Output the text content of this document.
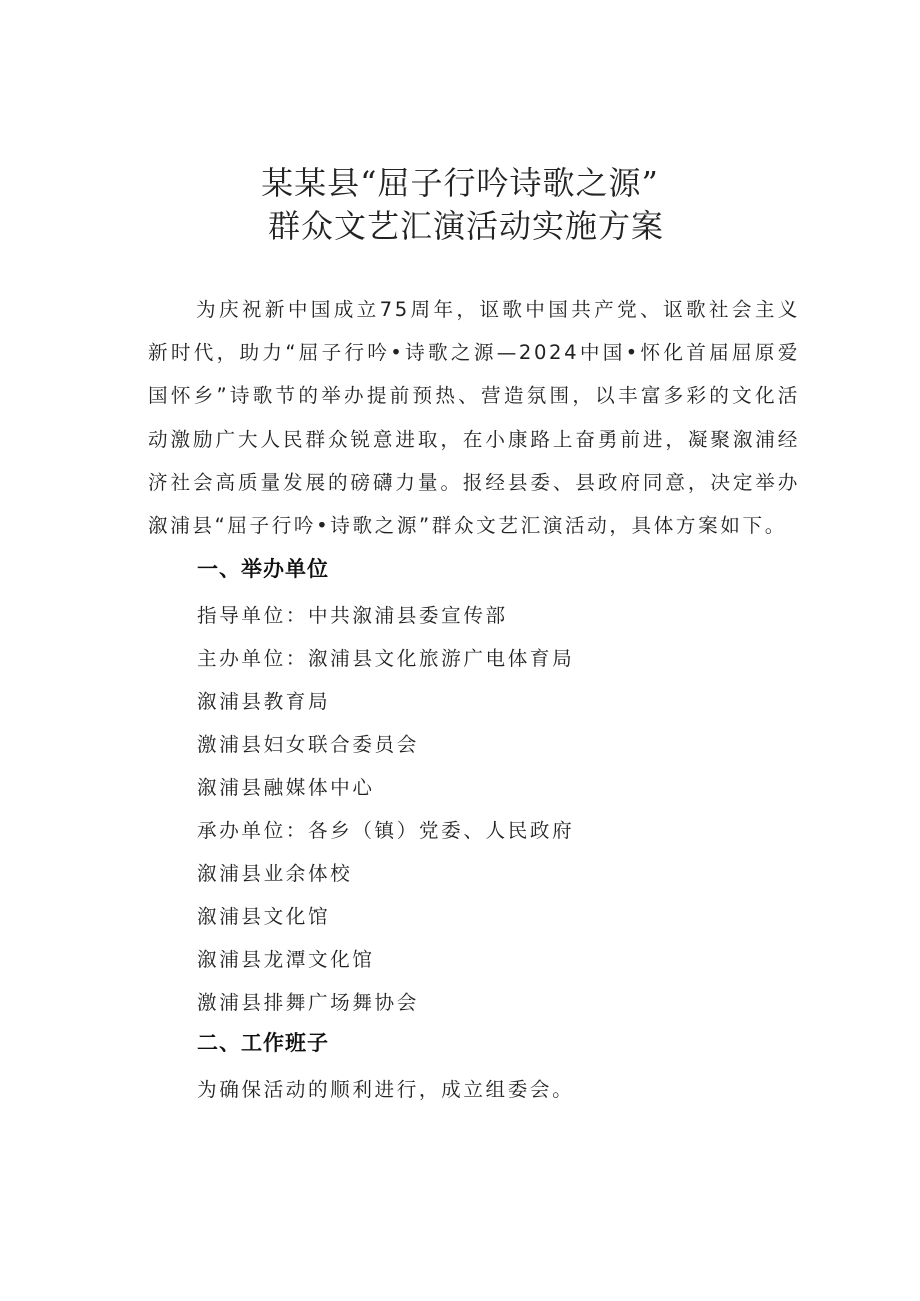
某某县“屈子行吟诗歌之源”
群众文艺汇演活动实施方案
为庆祝新中国成立75周年，讴歌中国共产党、讴歌社会主义新时代，助力“屈子行吟•诗歌之源—2024中国•怀化首届屈原爱国怀乡”诗歌节的举办提前预热、营造氛围，以丰富多彩的文化活动激励广大人民群众锐意进取，在小康路上奋勇前进，凝聚溆浦经济社会高质量发展的磅礴力量。报经县委、县政府同意，决定举办溆浦县“屈子行吟•诗歌之源”群众文艺汇演活动，具体方案如下。
一、举办单位
指导单位：中共溆浦县委宣传部
主办单位：溆浦县文化旅游广电体育局
溆浦县教育局
激浦县妇女联合委员会
溆浦县融媒体中心
承办单位：各乡（镇）党委、人民政府
溆浦县业余体校
溆浦县文化馆
溆浦县龙潭文化馆
激浦县排舞广场舞协会
二、工作班子
为确保活动的顺利进行，成立组委会。
